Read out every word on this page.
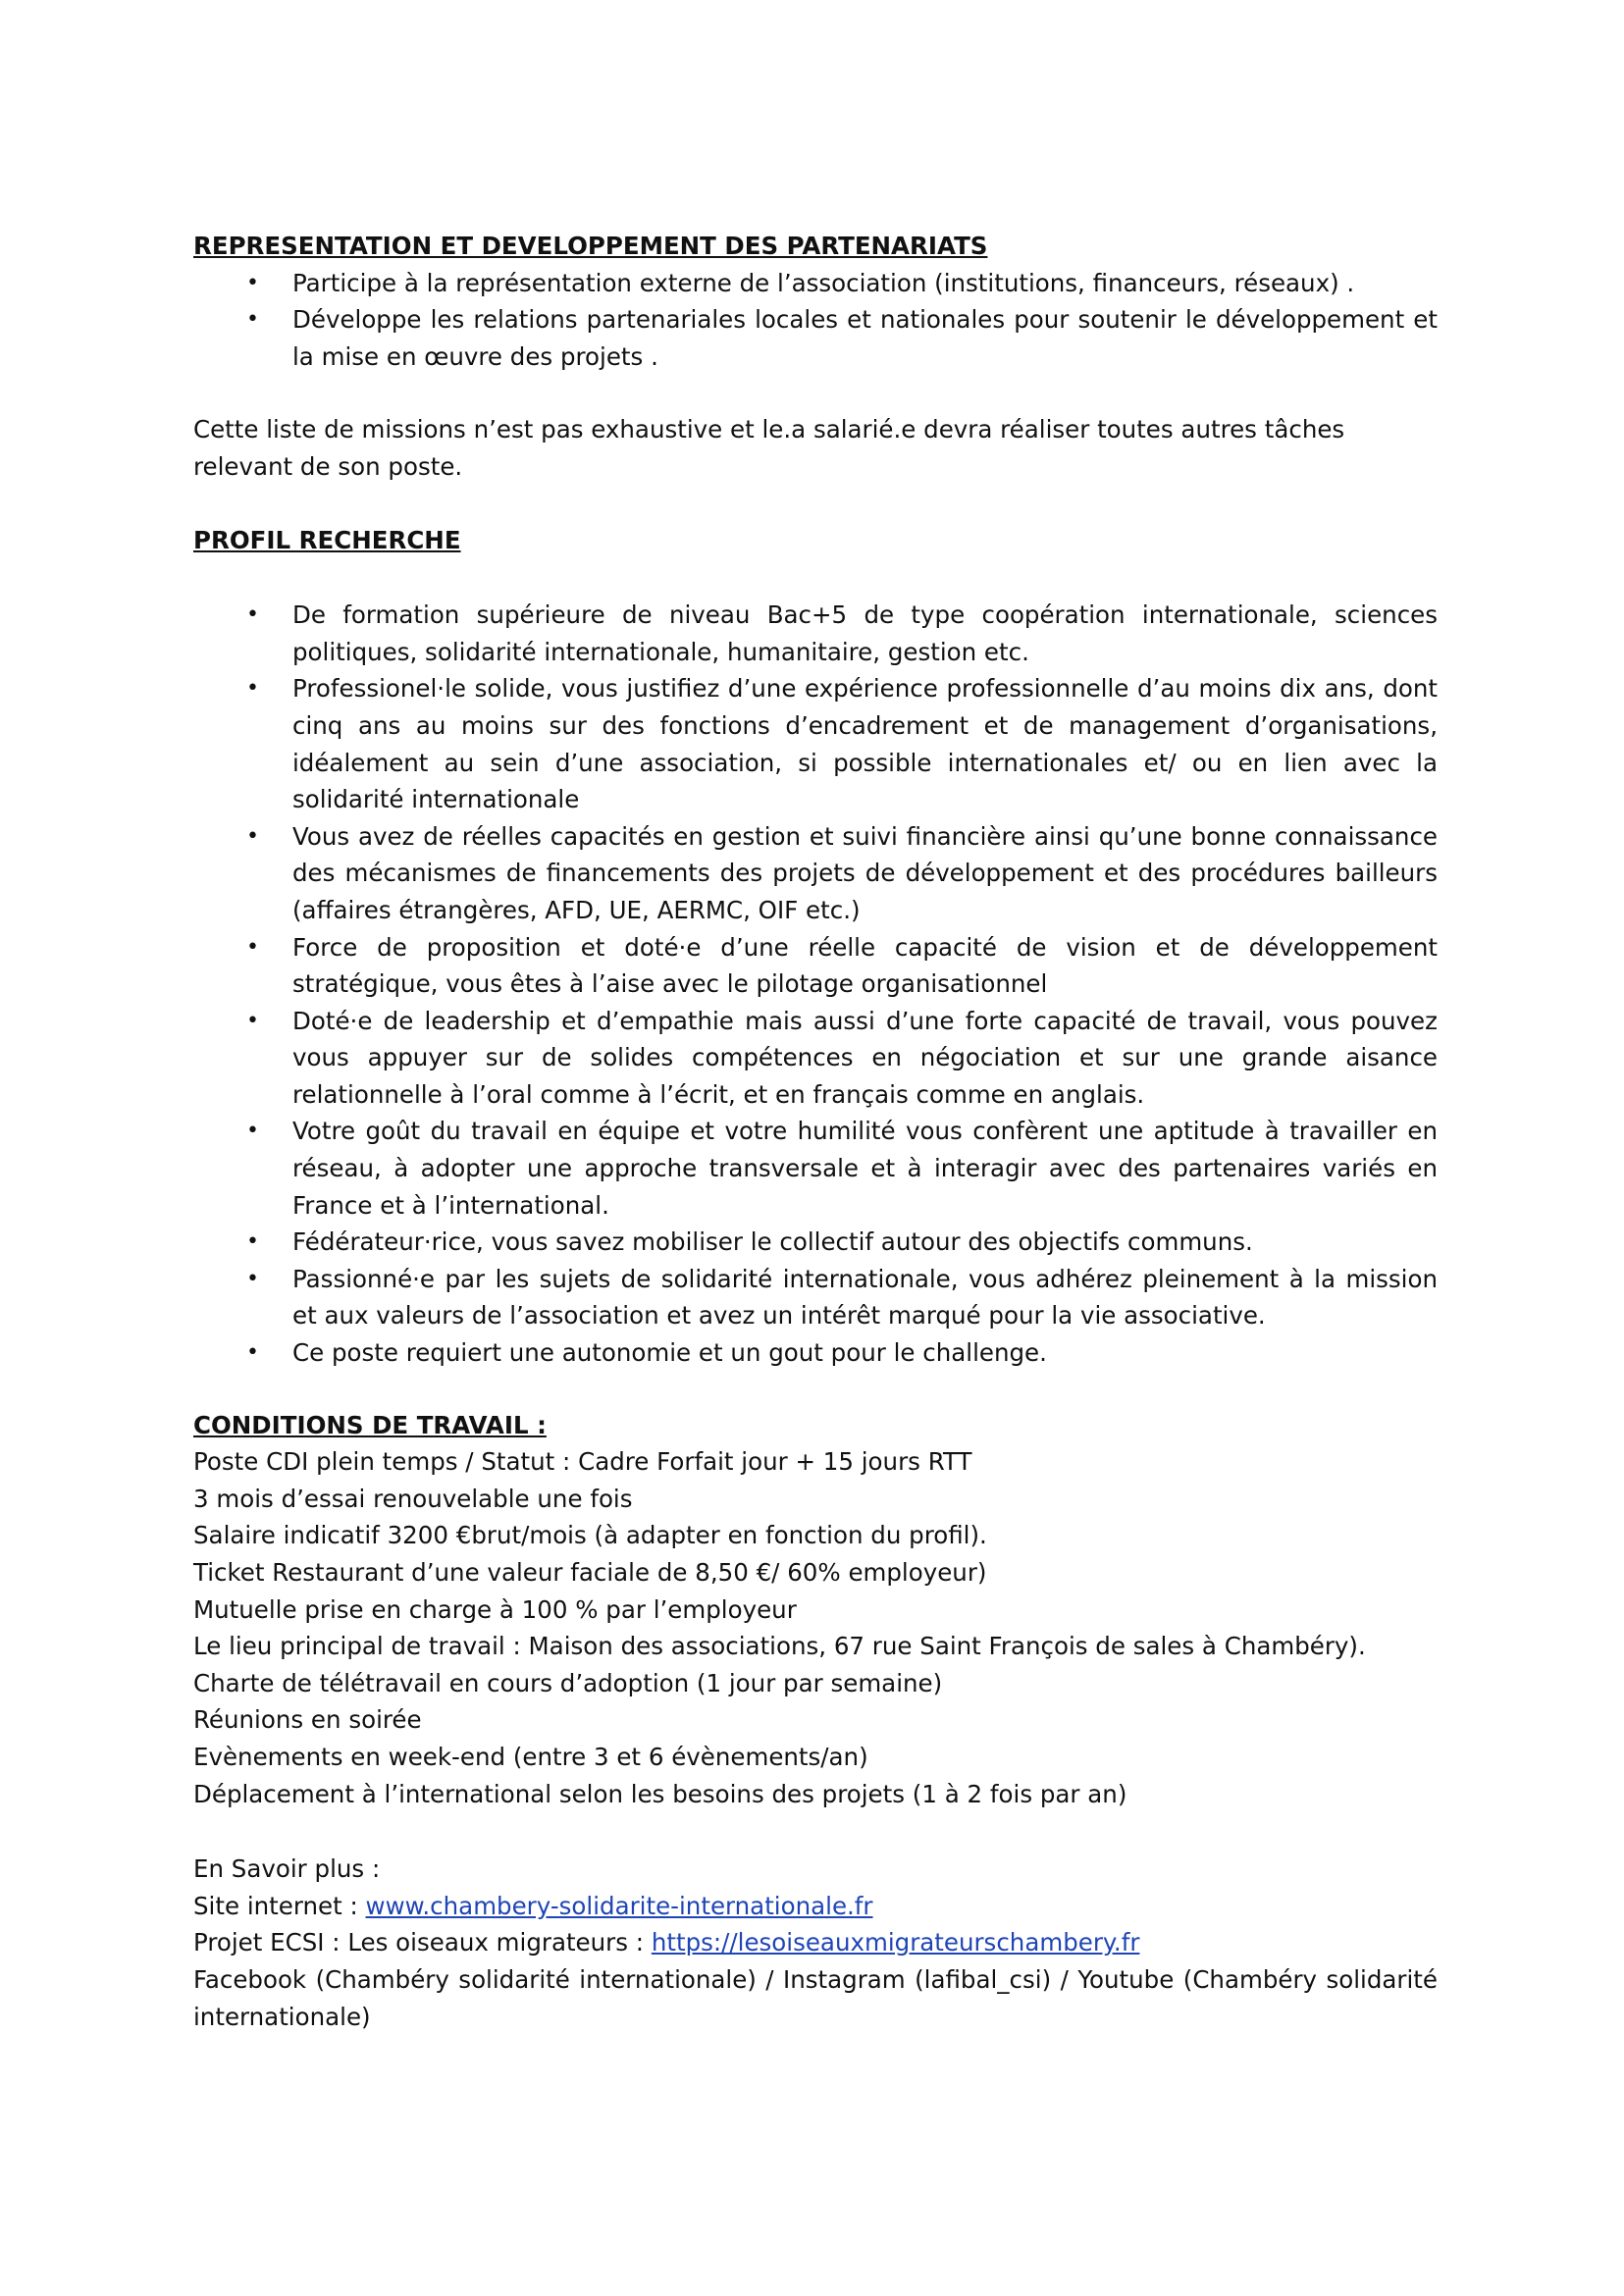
REPRESENTATION ET DEVELOPPEMENT DES PARTENARIATS
• Participe à la représentation externe de l’association (institutions, financeurs, réseaux) .
• Développe les relations partenariales locales et nationales pour soutenir le développement et la mise en œuvre des projets .

Cette liste de missions n’est pas exhaustive et le.a salarié.e devra réaliser toutes autres tâches relevant de son poste.

PROFIL RECHERCHE
• De formation supérieure de niveau Bac+5 de type coopération internationale, sciences politiques, solidarité internationale, humanitaire, gestion etc.
• Professionel·le solide, vous justifiez d’une expérience professionnelle d’au moins dix ans, dont cinq ans au moins sur des fonctions d’encadrement et de management d’organisations, idéalement au sein d’une association, si possible internationales et/ ou en lien avec la solidarité internationale
• Vous avez de réelles capacités en gestion et suivi financière ainsi qu’une bonne connaissance des mécanismes de financements des projets de développement et des procédures bailleurs (affaires étrangères, AFD, UE, AERMC, OIF etc.)
• Force de proposition et doté·e d’une réelle capacité de vision et de développement stratégique, vous êtes à l’aise avec le pilotage organisationnel
• Doté·e de leadership et d’empathie mais aussi d’une forte capacité de travail, vous pouvez vous appuyer sur de solides compétences en négociation et sur une grande aisance relationnelle à l’oral comme à l’écrit, et en français comme en anglais.
• Votre goût du travail en équipe et votre humilité vous confèrent une aptitude à travailler en réseau, à adopter une approche transversale et à interagir avec des partenaires variés en France et à l’international.
• Fédérateur·rice, vous savez mobiliser le collectif autour des objectifs communs.
• Passionné·e par les sujets de solidarité internationale, vous adhérez pleinement à la mission et aux valeurs de l’association et avez un intérêt marqué pour la vie associative.
• Ce poste requiert une autonomie et un gout pour le challenge.
CONDITIONS DE TRAVAIL :
Poste CDI plein temps / Statut : Cadre Forfait jour + 15 jours RTT
3 mois d’essai renouvelable une fois
Salaire indicatif 3200 €brut/mois (à adapter en fonction du profil).
Ticket Restaurant d’une valeur faciale de 8,50 €/ 60% employeur)
Mutuelle prise en charge à 100 % par l’employeur
Le lieu principal de travail : Maison des associations, 67 rue Saint François de sales à Chambéry).
Charte de télétravail en cours d’adoption (1 jour par semaine)
Réunions en soirée
Evènements en week-end (entre 3 et 6 évènements/an)
Déplacement à l’international selon les besoins des projets (1 à 2 fois par an)

En Savoir plus :

Site internet : www.chambery-solidarite-internationale.fr

Projet ECSI : Les oiseaux migrateurs : https://lesoiseauxmigrateurschambery.fr

Facebook (Chambéry solidarité internationale) / Instagram (lafibal_csi) / Youtube (Chambéry solidarité internationale)
